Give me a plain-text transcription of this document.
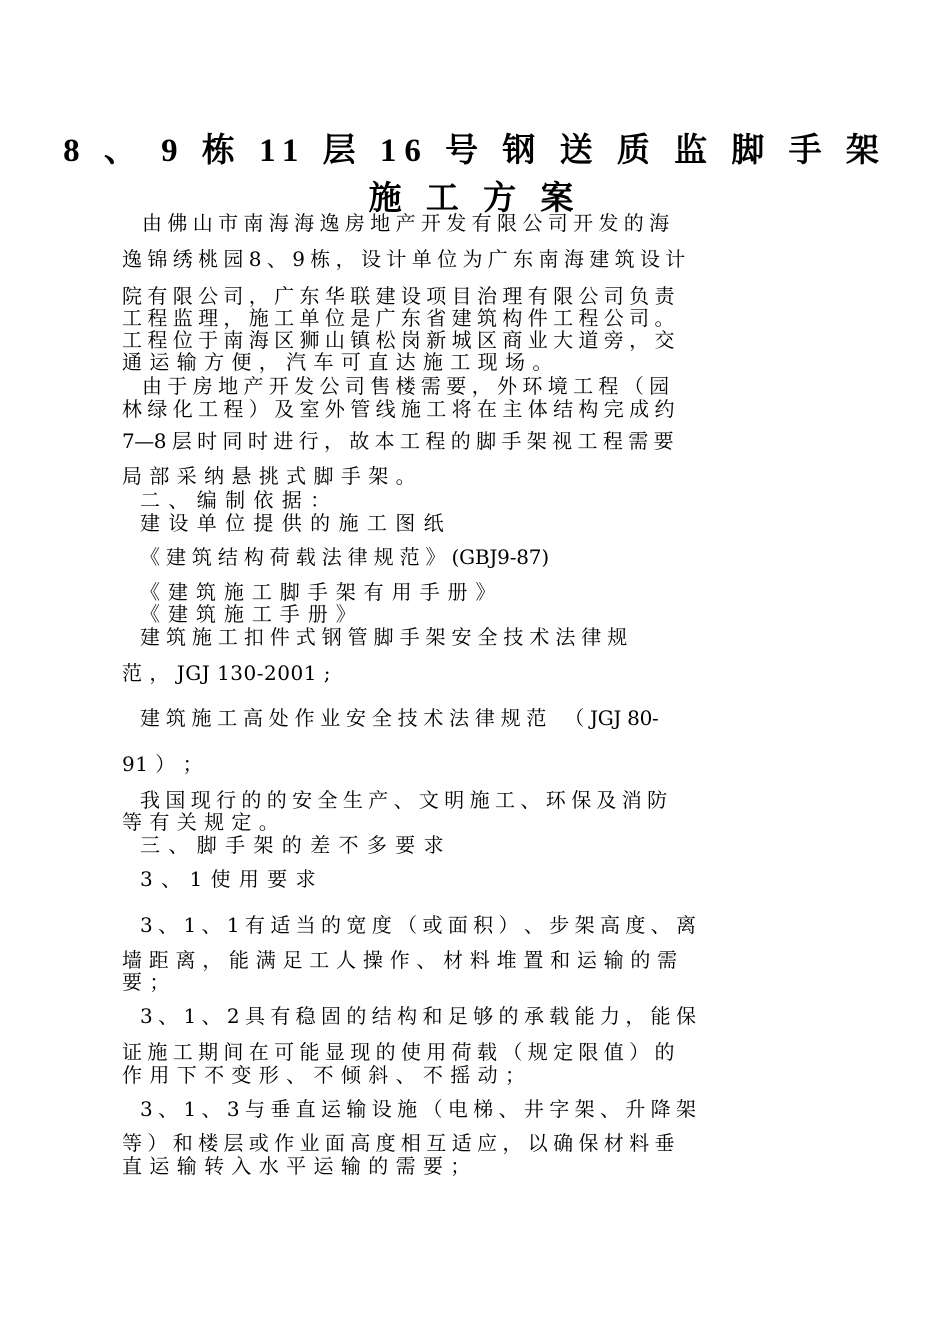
8 、 9 栋 11 层 16 号 钢 送 质 监 脚 手 架
施 工 方 案
由 佛 山 市 南 海 海 逸 房 地 产 开 发 有 限 公 司 开 发 的 海
逸 锦 绣 桃 园 8 、 9 栋 ， 设 计 单 位 为 广 东 南 海 建 筑 设 计
院 有 限 公 司 ， 广 东 华 联 建 设 项 目 治 理 有 限 公 司 负 责
工 程 监 理 ， 施 工 单 位 是 广 东 省 建 筑 构 件 工 程 公 司 。
工 程 位 于 南 海 区 狮 山 镇 松 岗 新 城 区 商 业 大 道 旁 ， 交
通 运 输 方 便 ， 汽 车 可 直 达 施 工 现 场 。
由 于 房 地 产 开 发 公 司 售 楼 需 要 ， 外 环 境 工 程 （ 园
林 绿 化 工 程 ） 及 室 外 管 线 施 工 将 在 主 体 结 构 完 成 约
7—8 层 时 同 时 进 行 ， 故 本 工 程 的 脚 手 架 视 工 程 需 要
局 部 采 纳 悬 挑 式 脚 手 架 。
二 、 编 制 依 据 ：
建 设 单 位 提 供 的 施 工 图 纸
《 建 筑 结 构 荷 载 法 律 规 范 》 (GBJ9-87)
《 建 筑 施 工 脚 手 架 有 用 手 册 》
《 建 筑 施 工 手 册 》
建 筑 施 工 扣 件 式 钢 管 脚 手 架 安 全 技 术 法 律 规
范 ， JGJ 130-2001 ;
建 筑 施 工 高 处 作 业 安 全 技 术 法 律 规 范   （ JGJ 80-
91 ） ；
我 国 现 行 的 的 安 全 生 产 、 文 明 施 工 、 环 保 及 消 防
等 有 关 规 定 。
三 、 脚 手 架 的 差 不 多 要 求
3 、 1 使 用 要 求
3 、 1 、 1 有 适 当 的 宽 度 （ 或 面 积 ） 、 步 架 高 度 、 离
墙 距 离 ， 能 满 足 工 人 操 作 、 材 料 堆 置 和 运 输 的 需
要 ；
3 、 1 、 2 具 有 稳 固 的 结 构 和 足 够 的 承 载 能 力 ， 能 保
证 施 工 期 间 在 可 能 显 现 的 使 用 荷 载 （ 规 定 限 值 ） 的
作 用 下 不 变 形 、 不 倾 斜 、 不 摇 动 ；
3 、 1 、 3 与 垂 直 运 输 设 施 （ 电 梯 、 井 字 架 、 升 降 架
等 ） 和 楼 层 或 作 业 面 高 度 相 互 适 应 ， 以 确 保 材 料 垂
直 运 输 转 入 水 平 运 输 的 需 要 ；
